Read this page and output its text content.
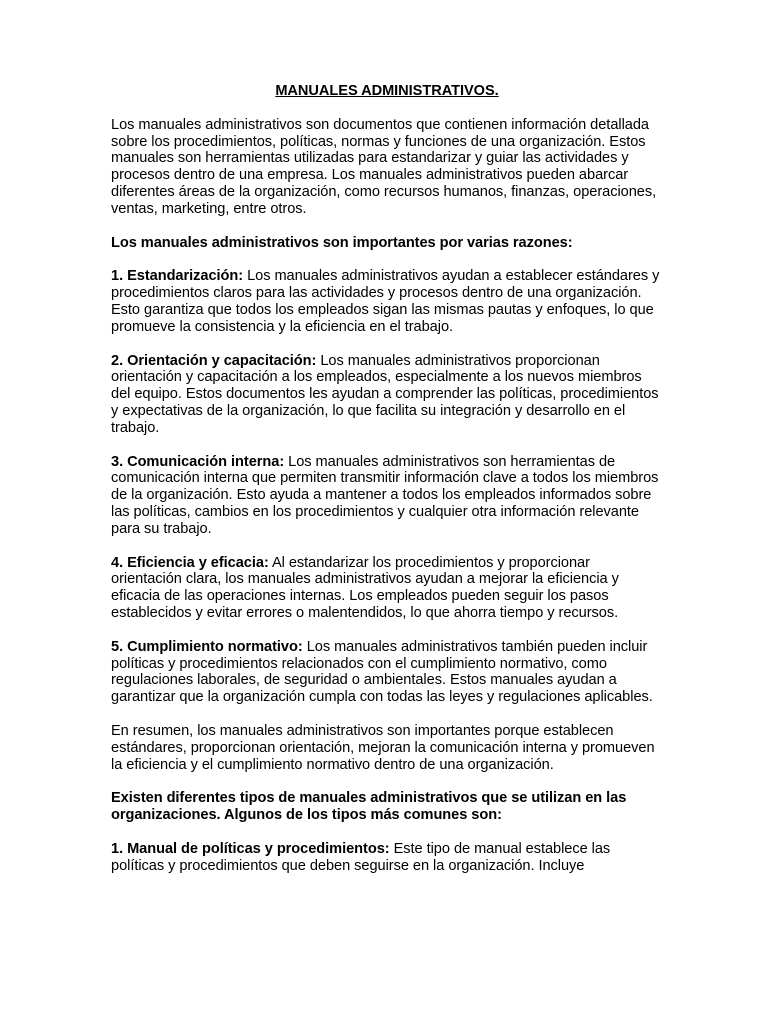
MANUALES ADMINISTRATIVOS.

Los manuales administrativos son documentos que contienen información detallada sobre los procedimientos, políticas, normas y funciones de una organización. Estos manuales son herramientas utilizadas para estandarizar y guiar las actividades y procesos dentro de una empresa. Los manuales administrativos pueden abarcar diferentes áreas de la organización, como recursos humanos, finanzas, operaciones, ventas, marketing, entre otros.

Los manuales administrativos son importantes por varias razones:

1. Estandarización: Los manuales administrativos ayudan a establecer estándares y procedimientos claros para las actividades y procesos dentro de una organización. Esto garantiza que todos los empleados sigan las mismas pautas y enfoques, lo que promueve la consistencia y la eficiencia en el trabajo.

2. Orientación y capacitación: Los manuales administrativos proporcionan orientación y capacitación a los empleados, especialmente a los nuevos miembros del equipo. Estos documentos les ayudan a comprender las políticas, procedimientos y expectativas de la organización, lo que facilita su integración y desarrollo en el trabajo.

3. Comunicación interna: Los manuales administrativos son herramientas de comunicación interna que permiten transmitir información clave a todos los miembros de la organización. Esto ayuda a mantener a todos los empleados informados sobre las políticas, cambios en los procedimientos y cualquier otra información relevante para su trabajo.

4. Eficiencia y eficacia: Al estandarizar los procedimientos y proporcionar orientación clara, los manuales administrativos ayudan a mejorar la eficiencia y eficacia de las operaciones internas. Los empleados pueden seguir los pasos establecidos y evitar errores o malentendidos, lo que ahorra tiempo y recursos.

5. Cumplimiento normativo: Los manuales administrativos también pueden incluir políticas y procedimientos relacionados con el cumplimiento normativo, como regulaciones laborales, de seguridad o ambientales. Estos manuales ayudan a garantizar que la organización cumpla con todas las leyes y regulaciones aplicables.

En resumen, los manuales administrativos son importantes porque establecen estándares, proporcionan orientación, mejoran la comunicación interna y promueven la eficiencia y el cumplimiento normativo dentro de una organización.

Existen diferentes tipos de manuales administrativos que se utilizan en las organizaciones. Algunos de los tipos más comunes son:

1. Manual de políticas y procedimientos: Este tipo de manual establece las políticas y procedimientos que deben seguirse en la organización. Incluye
